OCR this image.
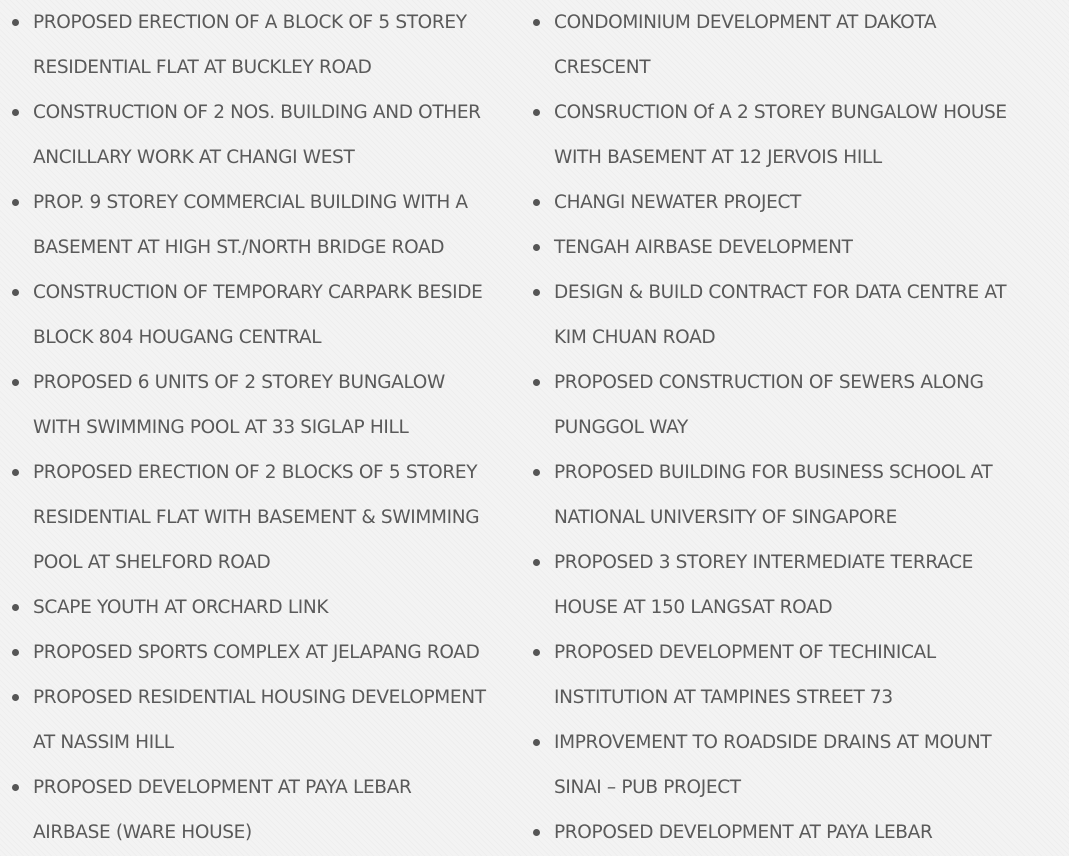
PROPOSED ERECTION OF A BLOCK OF 5 STOREY
RESIDENTIAL FLAT AT BUCKLEY ROAD
CONSTRUCTION OF 2 NOS. BUILDING AND OTHER
ANCILLARY WORK AT CHANGI WEST
PROP. 9 STOREY COMMERCIAL BUILDING WITH A
BASEMENT AT HIGH ST./NORTH BRIDGE ROAD
CONSTRUCTION OF TEMPORARY CARPARK BESIDE
BLOCK 804 HOUGANG CENTRAL
PROPOSED 6 UNITS OF 2 STOREY BUNGALOW
WITH SWIMMING POOL AT 33 SIGLAP HILL
PROPOSED ERECTION OF 2 BLOCKS OF 5 STOREY
RESIDENTIAL FLAT WITH BASEMENT & SWIMMING
POOL AT SHELFORD ROAD
SCAPE YOUTH AT ORCHARD LINK
PROPOSED SPORTS COMPLEX AT JELAPANG ROAD
PROPOSED RESIDENTIAL HOUSING DEVELOPMENT
AT NASSIM HILL
PROPOSED DEVELOPMENT AT PAYA LEBAR
AIRBASE (WARE HOUSE)
CONDOMINIUM DEVELOPMENT AT DAKOTA
CRESCENT
CONSRUCTION Of A 2 STOREY BUNGALOW HOUSE
WITH BASEMENT AT 12 JERVOIS HILL
CHANGI NEWATER PROJECT
TENGAH AIRBASE DEVELOPMENT
DESIGN & BUILD CONTRACT FOR DATA CENTRE AT
KIM CHUAN ROAD
PROPOSED CONSTRUCTION OF SEWERS ALONG
PUNGGOL WAY
PROPOSED BUILDING FOR BUSINESS SCHOOL AT
NATIONAL UNIVERSITY OF SINGAPORE
PROPOSED 3 STOREY INTERMEDIATE TERRACE
HOUSE AT 150 LANGSAT ROAD
PROPOSED DEVELOPMENT OF TECHINICAL
INSTITUTION AT TAMPINES STREET 73
IMPROVEMENT TO ROADSIDE DRAINS AT MOUNT
SINAI – PUB PROJECT
PROPOSED DEVELOPMENT AT PAYA LEBAR
